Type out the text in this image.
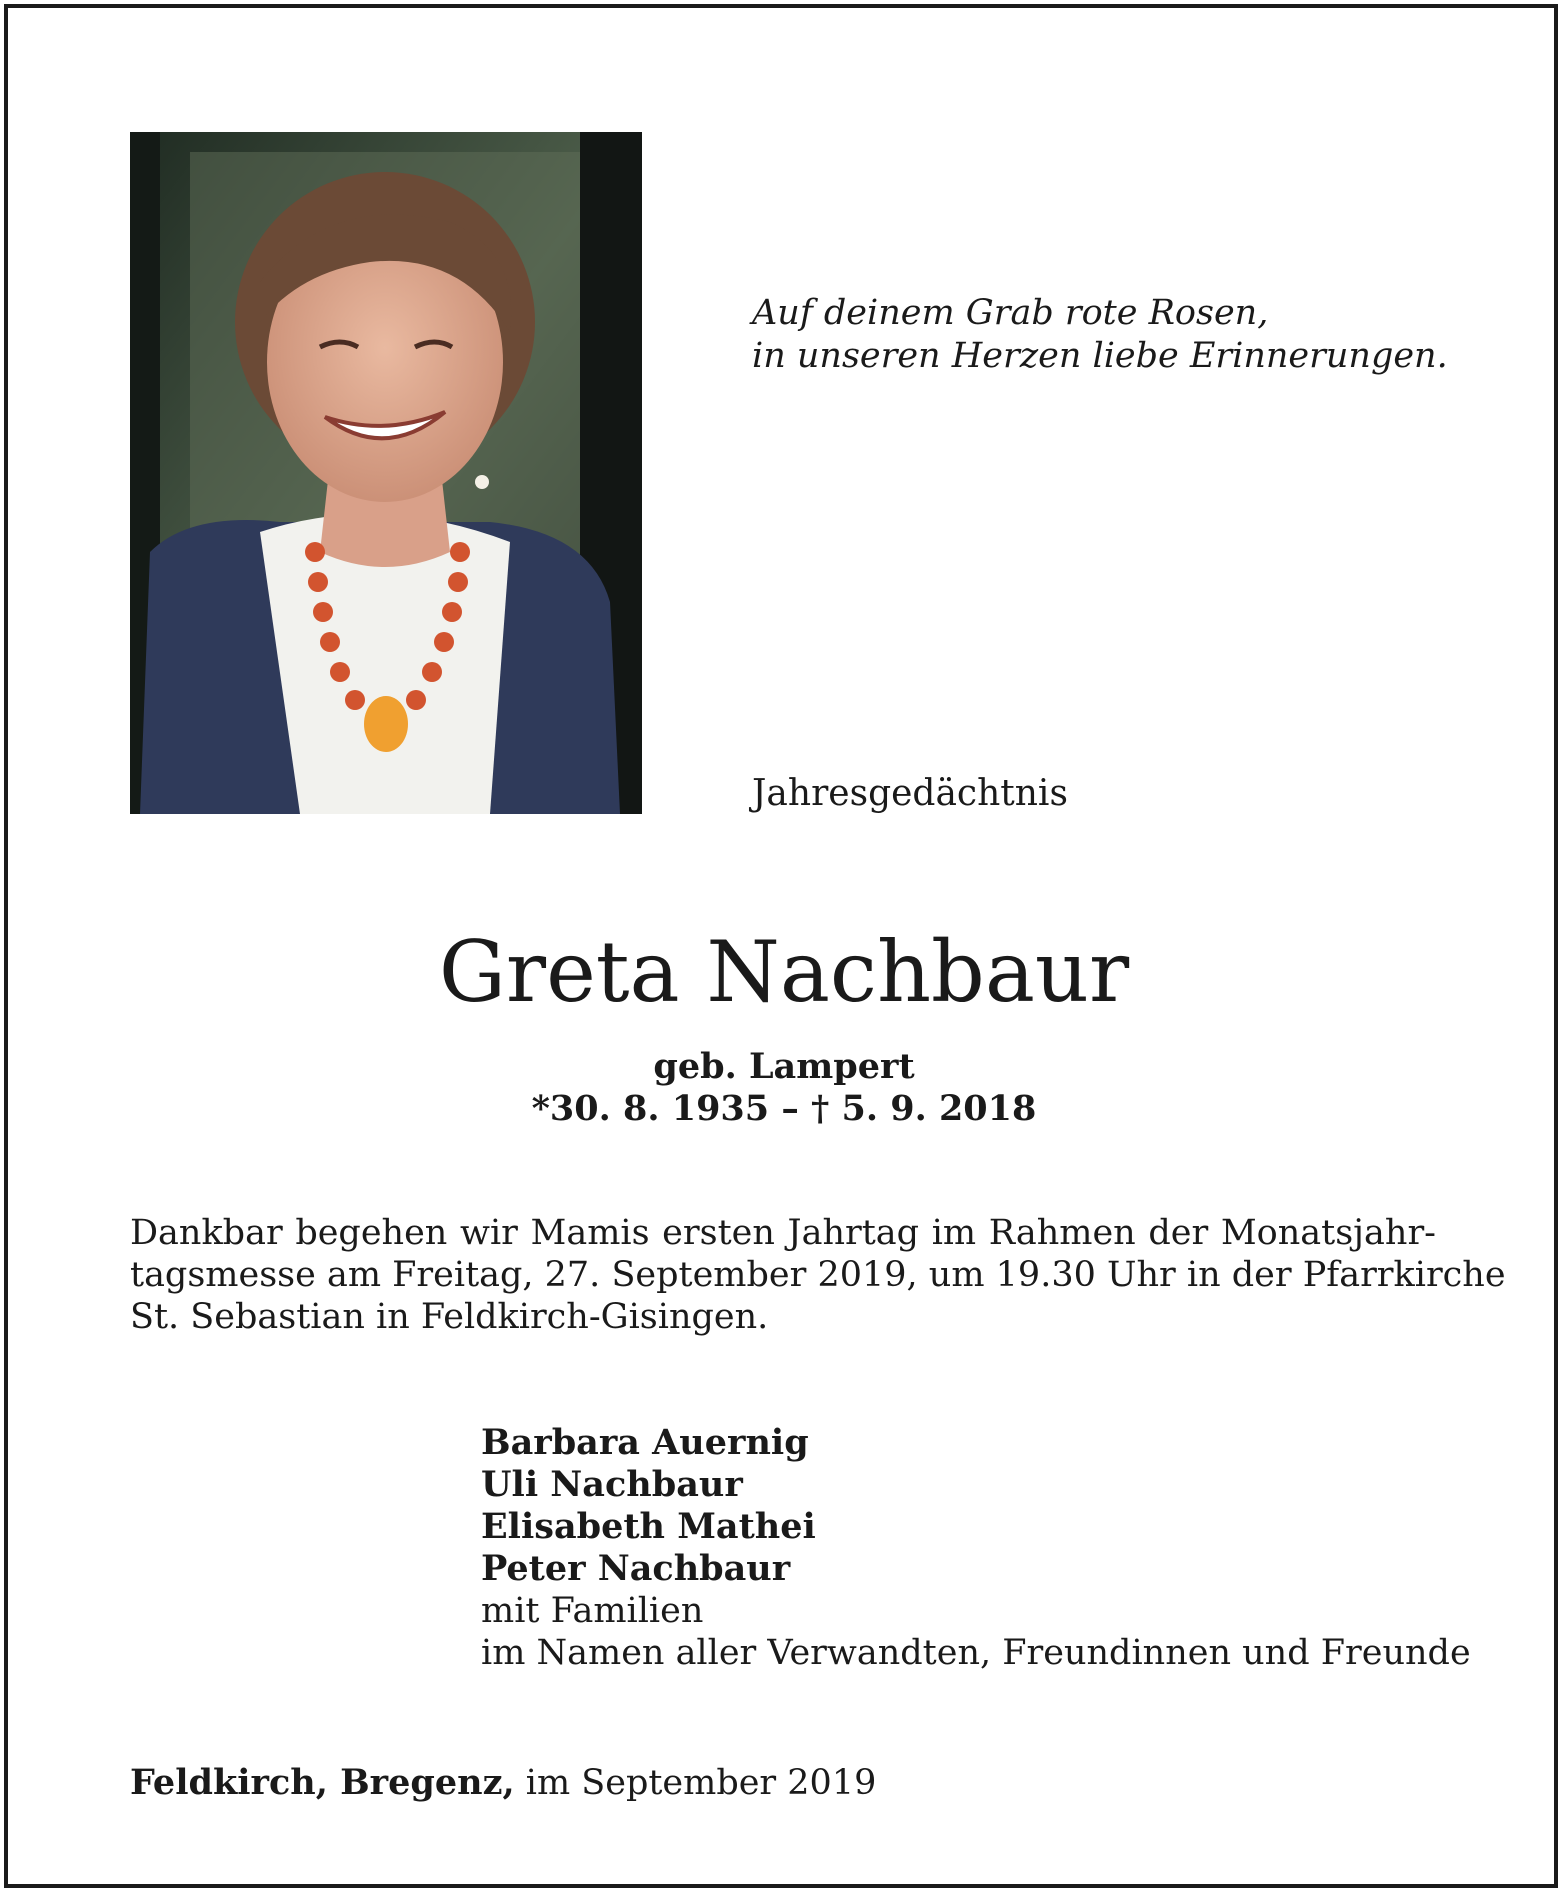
Auf deinem Grab rote Rosen,
in unseren Herzen liebe Erinnerungen.
Jahresgedächtnis
Greta Nachbaur
geb. Lampert
*30. 8. 1935 – † 5. 9. 2018
Dankbar begehen wir Mamis ersten Jahrtag im Rahmen der Monatsjahr-
tagsmesse am Freitag, 27. September 2019, um 19.30 Uhr in der Pfarrkirche
St. Sebastian in Feldkirch-Gisingen.
Barbara Auernig
Uli Nachbaur
Elisabeth Mathei
Peter Nachbaur
mit Familien
im Namen aller Verwandten, Freundinnen und Freunde
Feldkirch, Bregenz, im September 2019
